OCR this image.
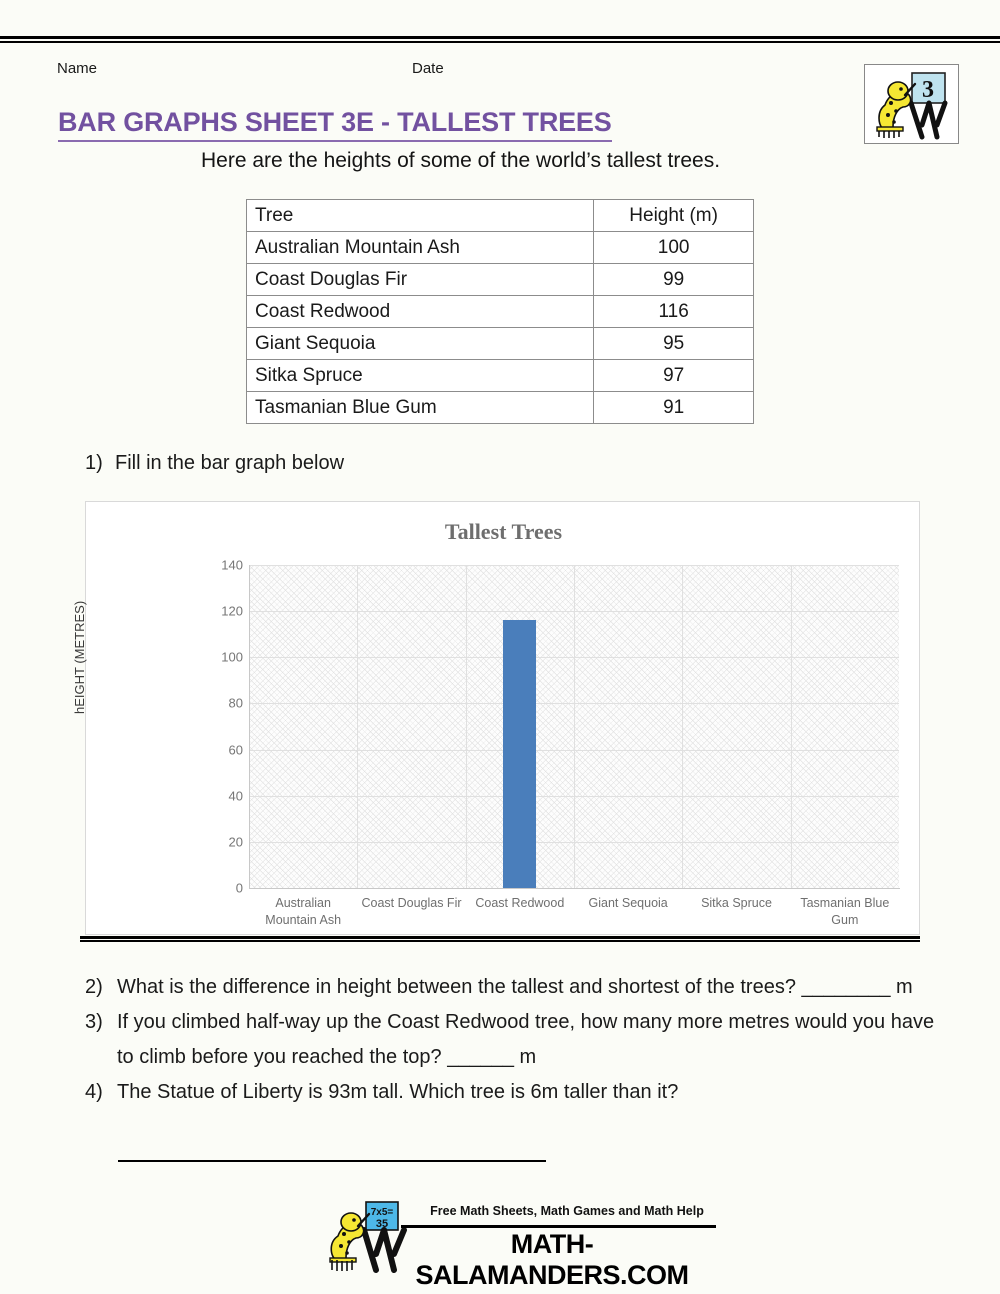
Name	Date
3
BAR GRAPHS SHEET 3E - TALLEST TREES
Here are the heights of some of the world’s tallest trees.
Tree	Height (m)
Australian Mountain Ash	100
Coast Douglas Fir	99
Coast Redwood	116
Giant Sequoia	95
Sitka Spruce	97
Tasmanian Blue Gum	91
1) Fill in the bar graph below
Tallest Trees
0
20
40
60
80
100
120
140
hEIGHT (METRES)
Australian Mountain Ash
Coast Douglas Fir	Coast Redwood	Giant Sequoia	Sitka Spruce	Tasmanian Blue Gum
2) What is the difference in height between the tallest and shortest of the trees? ________ m
3) If you climbed half-way up the Coast Redwood tree, how many more metres would you have to climb before you reached the top? ______ m
4) The Statue of Liberty is 93m tall. Which tree is 6m taller than it?
7x5=
35
Free Math Sheets, Math Games and Math Help
MATH-SALAMANDERS.COM
